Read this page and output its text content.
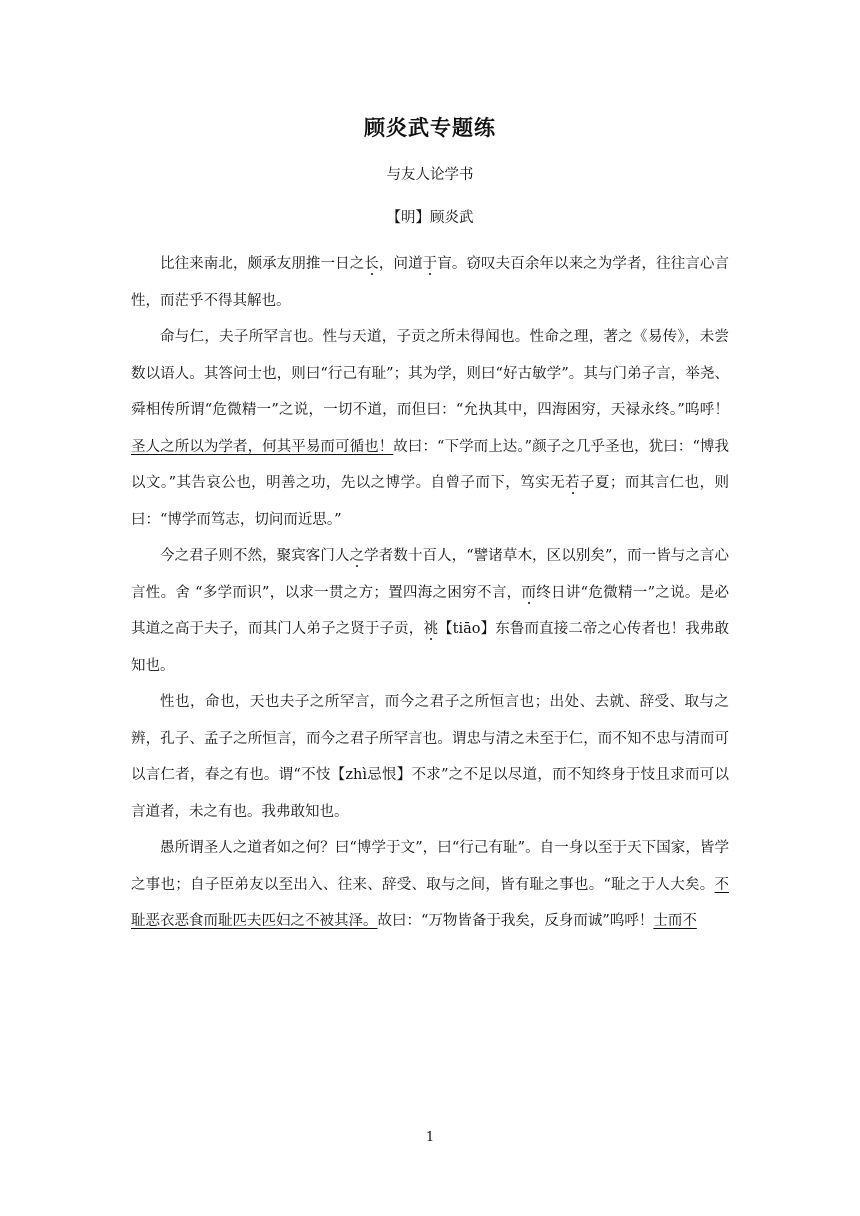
顾炎武专题练
与友人论学书
【明】顾炎武

比往来南北，颇承友朋推一日之长，问道于盲。窃叹夫百余年以来之为学者，往往言心言性，而茫乎不得其解也。

命与仁，夫子所罕言也。性与天道，子贡之所未得闻也。性命之理，著之《易传》，未尝数以语人。其答问士也，则曰“行己有耻”；其为学，则曰“好古敏学”。其与门弟子言，举尧、舜相传所谓“危微精一”之说，一切不道，而但曰：“允执其中，四海困穷，天禄永终。”呜呼！圣人之所以为学者，何其平易而可循也！故曰：“下学而上达。”颜子之几乎圣也，犹曰：“博我以文。”其告哀公也，明善之功，先以之博学。自曾子而下，笃实无若子夏；而其言仁也，则曰：“博学而笃志，切问而近思。”

今之君子则不然，聚宾客门人之学者数十百人，“譬诸草木，区以别矣”，而一皆与之言心言性。舍 “多学而识”，以求一贯之方；置四海之困穷不言，而终日讲“危微精一”之说。是必其道之高于夫子，而其门人弟子之贤于子贡，祧【tiāo】东鲁而直接二帝之心传者也！我弗敢知也。

性也，命也，天也夫子之所罕言，而今之君子之所恒言也；出处、去就、辞受、取与之辨，孔子、孟子之所恒言，而今之君子所罕言也。谓忠与清之未至于仁，而不知不忠与清而可以言仁者，春之有也。谓“不忮【zhì忌恨】不求”之不足以尽道，而不知终身于忮且求而可以言道者，未之有也。我弗敢知也。

愚所谓圣人之道者如之何？曰“博学于文”，曰“行己有耻”。自一身以至于天下国家，皆学之事也；自子臣弟友以至出入、往来、辞受、取与之间，皆有耻之事也。“耻之于人大矣。不耻恶衣恶食而耻匹夫匹妇之不被其泽。故曰：“万物皆备于我矣，反身而诚”呜呼！士而不

1
